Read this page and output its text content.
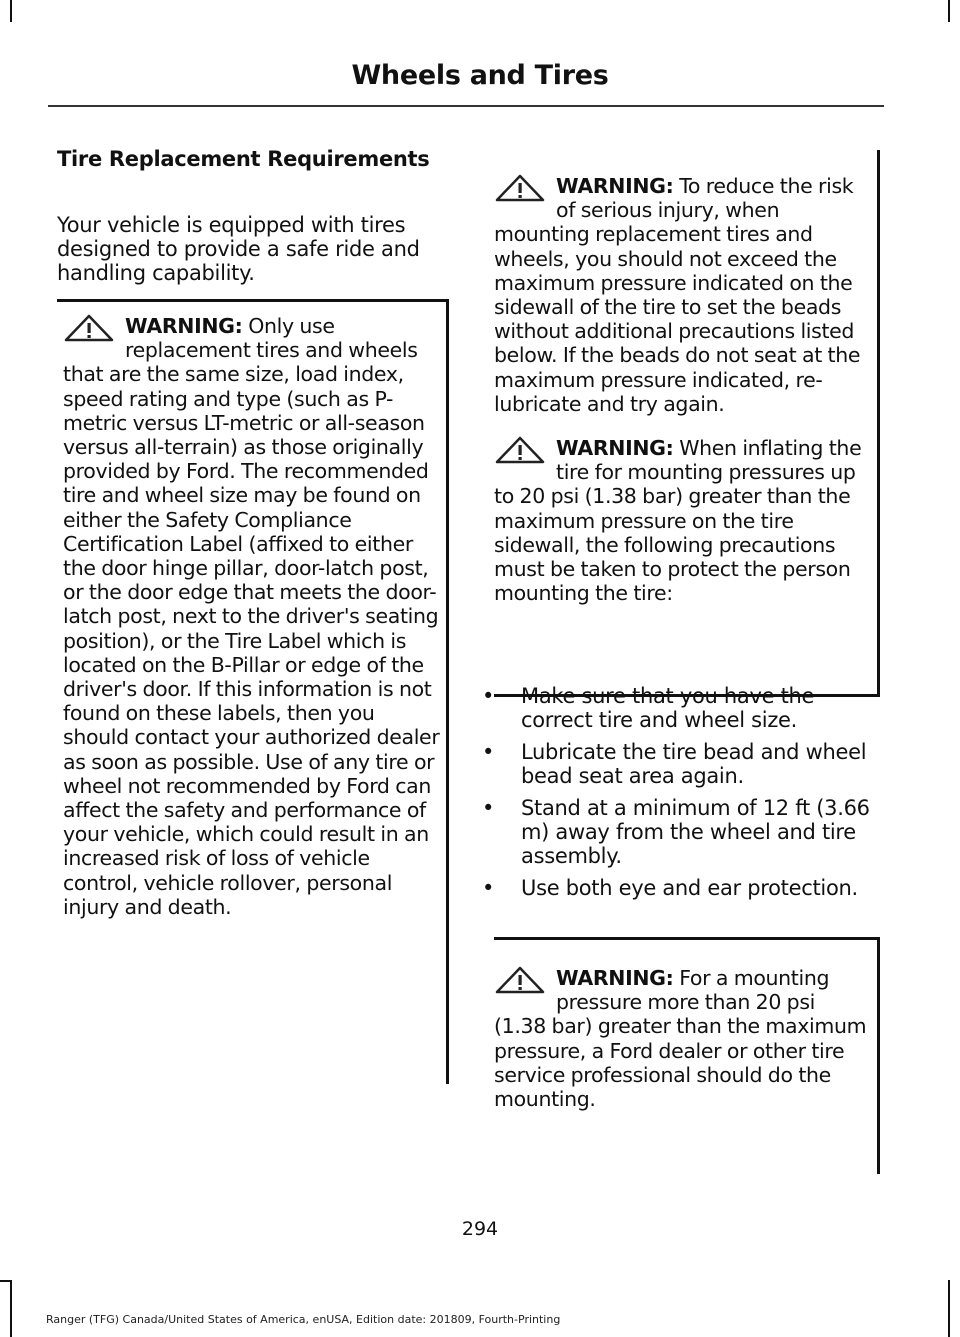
Wheels and Tires
Tire Replacement Requirements

Your vehicle is equipped with tires designed to provide a safe ride and handling capability.

WARNING: Only use replacement tires and wheels that are the same size, load index, speed rating and type (such as P-metric versus LT-metric or all-season versus all-terrain) as those originally provided by Ford. The recommended tire and wheel size may be found on either the Safety Compliance Certification Label (affixed to either the door hinge pillar, door-latch post, or the door edge that meets the door-latch post, next to the driver's seating position), or the Tire Label which is located on the B-Pillar or edge of the driver's door. If this information is not found on these labels, then you should contact your authorized dealer as soon as possible. Use of any tire or wheel not recommended by Ford can affect the safety and performance of your vehicle, which could result in an increased risk of loss of vehicle control, vehicle rollover, personal injury and death.

WARNING: To reduce the risk of serious injury, when mounting replacement tires and wheels, you should not exceed the maximum pressure indicated on the sidewall of the tire to set the beads without additional precautions listed below. If the beads do not seat at the maximum pressure indicated, re-lubricate and try again.

WARNING: When inflating the tire for mounting pressures up to 20 psi (1.38 bar) greater than the maximum pressure on the tire sidewall, the following precautions must be taken to protect the person mounting the tire:

• Make sure that you have the correct tire and wheel size.
• Lubricate the tire bead and wheel bead seat area again.
• Stand at a minimum of 12 ft (3.66 m) away from the wheel and tire assembly.
• Use both eye and ear protection.

WARNING: For a mounting pressure more than 20 psi (1.38 bar) greater than the maximum pressure, a Ford dealer or other tire service professional should do the mounting.

294
Ranger (TFG) Canada/United States of America, enUSA, Edition date: 201809, Fourth-Printing
